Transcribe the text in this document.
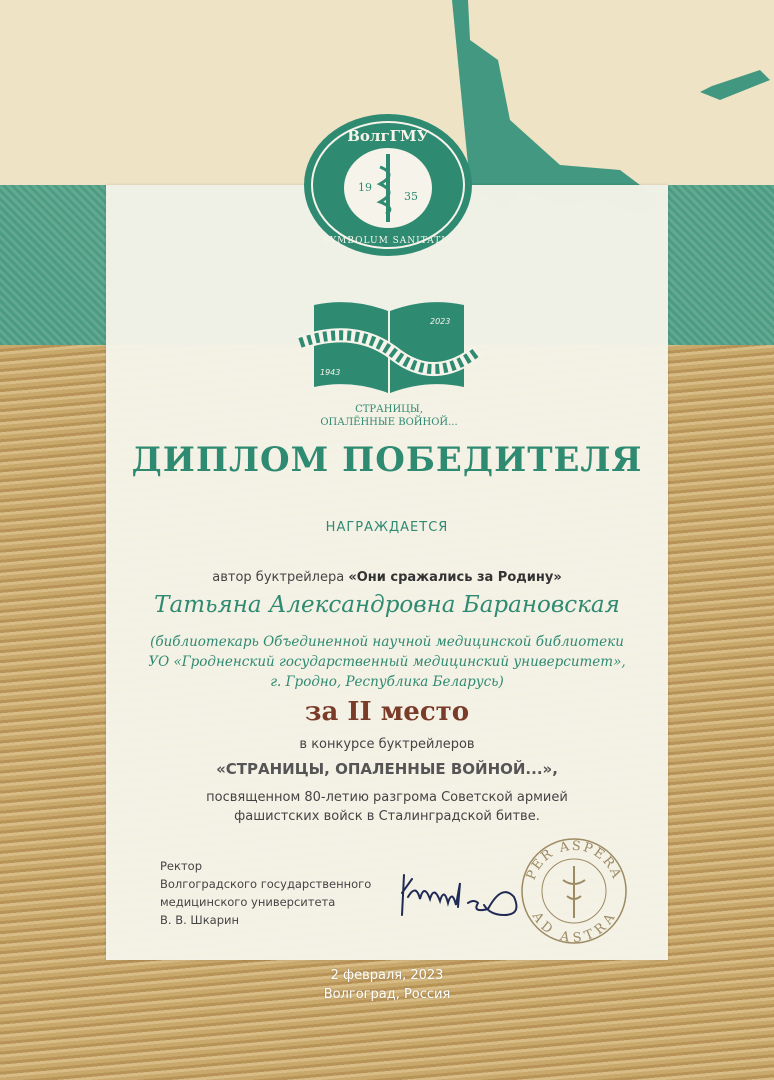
ВолгГМУ
19
35
SYMBOLUM SANITATIS
1943
2023
СТРАНИЦЫ,
ОПАЛЁННЫЕ ВОЙНОЙ...
ДИПЛОМ ПОБЕДИТЕЛЯ

НАГРАЖДАЕТСЯ

автор буктрейлера «Они сражались за Родину»

Татьяна Александровна Барановская

(библиотекарь Объединенной научной медицинской библиотеки
УО «Гродненский государственный медицинский университет»,
г. Гродно, Республика Беларусь)

за II место

в конкурсе буктрейлеров

«СТРАНИЦЫ, ОПАЛЕННЫЕ ВОЙНОЙ...»,

посвященном 80-летию разгрома Советской армией
фашистских войск в Сталинградской битве.

Ректор
Волгоградского государственного
медицинского университета
В. В. Шкарин

PER ASPERA
AD ASTRA

2 февраля, 2023
Волгоград, Россия
